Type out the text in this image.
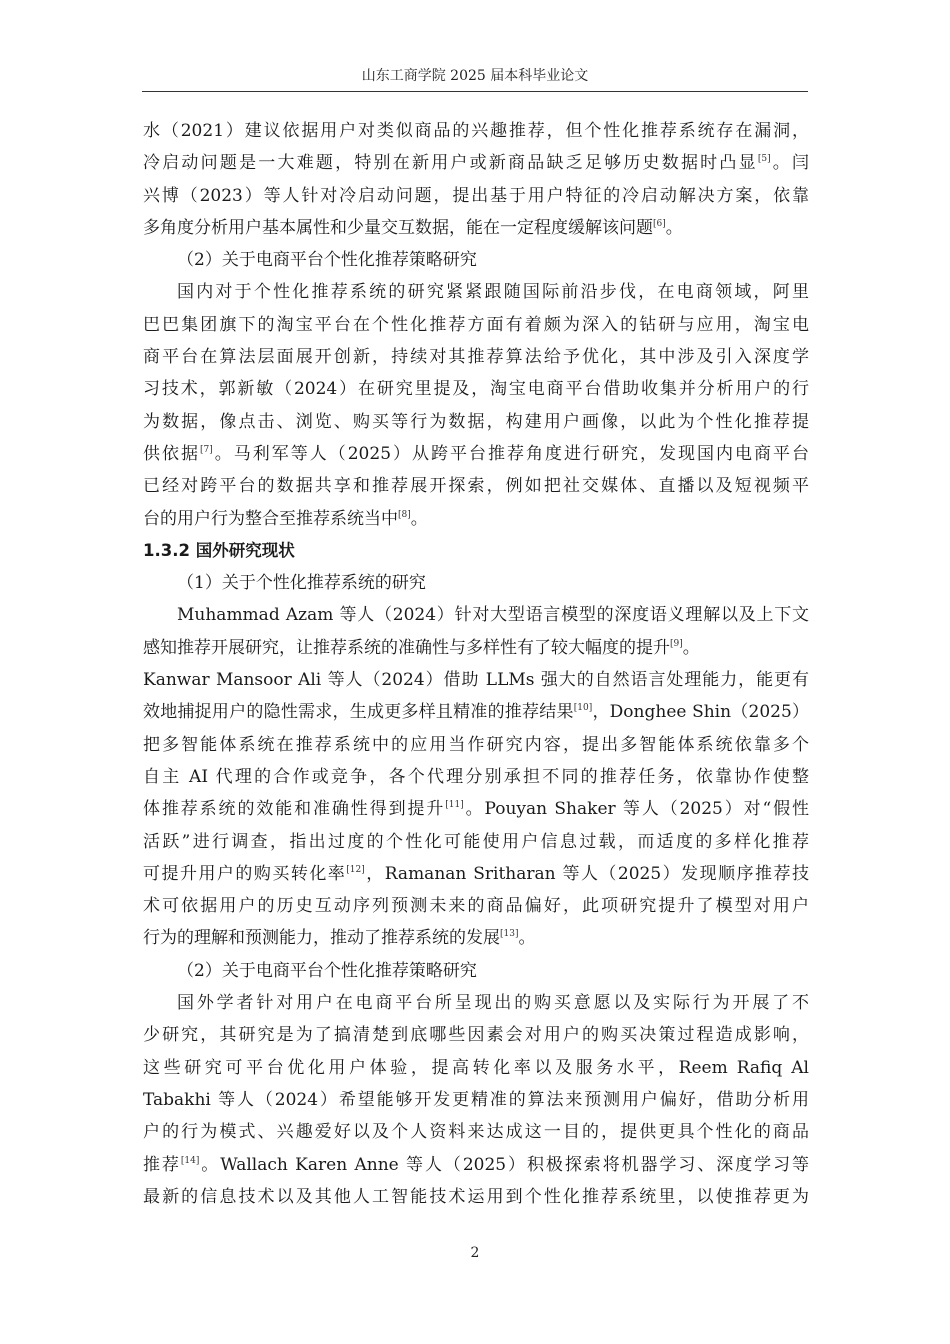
山东工商学院 2025 届本科毕业论文
水（2021）建议依据用户对类似商品的兴趣推荐，但个性化推荐系统存在漏洞，
冷启动问题是一大难题，特别在新用户或新商品缺乏足够历史数据时凸显[5]。闫
兴博（2023）等人针对冷启动问题，提出基于用户特征的冷启动解决方案，依靠
多角度分析用户基本属性和少量交互数据，能在一定程度缓解该问题[6]。
（2）关于电商平台个性化推荐策略研究
国内对于个性化推荐系统的研究紧紧跟随国际前沿步伐，在电商领域，阿里
巴巴集团旗下的淘宝平台在个性化推荐方面有着颇为深入的钻研与应用，淘宝电
商平台在算法层面展开创新，持续对其推荐算法给予优化，其中涉及引入深度学
习技术，郭新敏（2024）在研究里提及，淘宝电商平台借助收集并分析用户的行
为数据，像点击、浏览、购买等行为数据，构建用户画像，以此为个性化推荐提
供依据[7]。马利军等人（2025）从跨平台推荐角度进行研究，发现国内电商平台
已经对跨平台的数据共享和推荐展开探索，例如把社交媒体、直播以及短视频平
台的用户行为整合至推荐系统当中[8]。
1.3.2 国外研究现状
（1）关于个性化推荐系统的研究
Muhammad Azam 等人（2024）针对大型语言模型的深度语义理解以及上下文
感知推荐开展研究，让推荐系统的准确性与多样性有了较大幅度的提升[9]。
Kanwar Mansoor Ali 等人（2024）借助 LLMs 强大的自然语言处理能力，能更有
效地捕捉用户的隐性需求，生成更多样且精准的推荐结果[10]，Donghee Shin（2025）
把多智能体系统在推荐系统中的应用当作研究内容，提出多智能体系统依靠多个
自主 AI 代理的合作或竞争，各个代理分别承担不同的推荐任务，依靠协作使整
体推荐系统的效能和准确性得到提升[11]。Pouyan Shaker 等人（2025）对“假性
活跃”进行调查，指出过度的个性化可能使用户信息过载，而适度的多样化推荐
可提升用户的购买转化率[12]，Ramanan Sritharan 等人（2025）发现顺序推荐技
术可依据用户的历史互动序列预测未来的商品偏好，此项研究提升了模型对用户
行为的理解和预测能力，推动了推荐系统的发展[13]。
（2）关于电商平台个性化推荐策略研究
国外学者针对用户在电商平台所呈现出的购买意愿以及实际行为开展了不
少研究，其研究是为了搞清楚到底哪些因素会对用户的购买决策过程造成影响，
这些研究可平台优化用户体验，提高转化率以及服务水平，Reem Rafiq Al
Tabakhi 等人（2024）希望能够开发更精准的算法来预测用户偏好，借助分析用
户的行为模式、兴趣爱好以及个人资料来达成这一目的，提供更具个性化的商品
推荐[14]。Wallach Karen Anne 等人（2025）积极探索将机器学习、深度学习等
最新的信息技术以及其他人工智能技术运用到个性化推荐系统里，以使推荐更为
2
